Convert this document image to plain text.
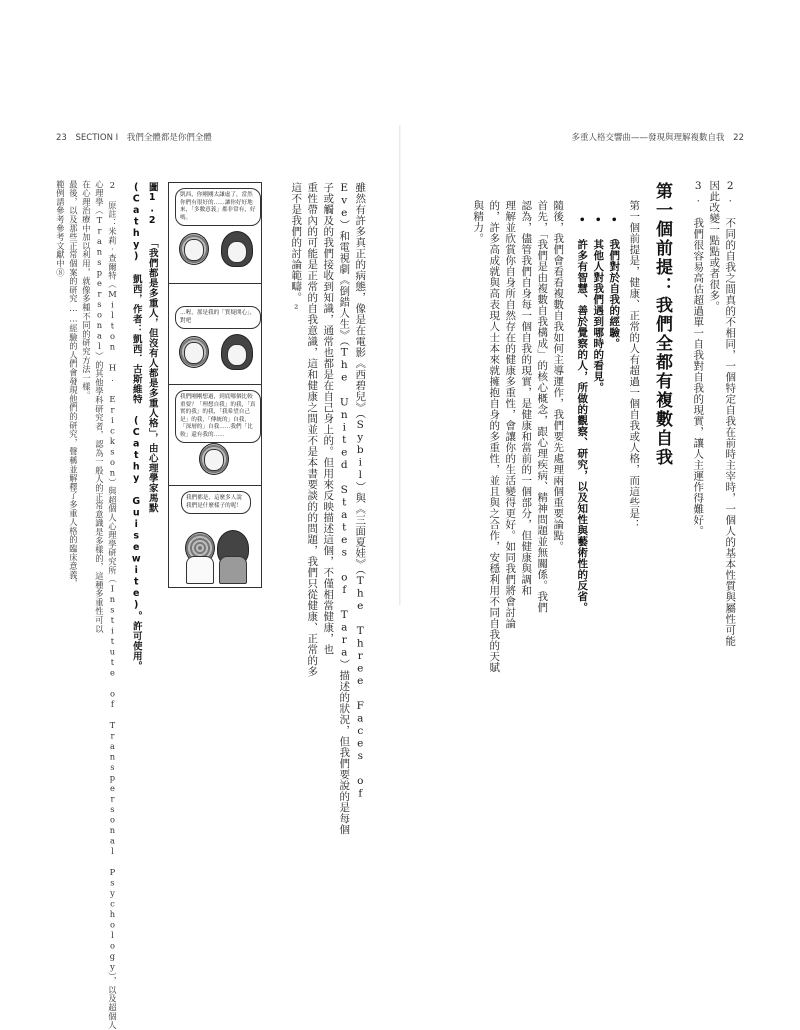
23 SECTION I 我們全體都是你們全體	多重人格交響曲——發現與理解複數自我 22
2. 不同的自我之間真的不相同，一個特定自我在前時主宰時，一個人的基本性質與屬性可能
因此改變一點點或者很多。
3. 我們很容易高估超過單一自我對自我的現實，讓人主運作得難好。
第一個前提：我們全都有複數自我
第一個前提是，健康、正常的人有超過一個自我或人格，而這些是：
• 我們對於自我的經驗。
• 其他人對我們遇到哪時的看見。
• 許多有智慧、善於覺察的人，所做的觀察、研究，以及知性與藝術性的反省。
隨後，我們會看看複數自我如何主導運作，我們要先處理兩個重要論點。
首先，「我們是由複數自我構成」的核心概念，跟心理疾病、精神問題並無關係。我們
認為，儘管我們自身每一個自我的現實，是健康和當前的一個部分，但健康與調和
理解並欣賞你自身所自然存在的健康多重性，會讓你的生活變得更好。如同我們將會討論
的，許多高成就與高表現人士本來就擁抱自身的多重性，並且與之合作，安穩利用不同自我的天賦
與精力。
雖然有許多真正的病態，像是在電影《西碧兒》（Sybil）與《三面夏娃》（The Three Faces of
Eve）和電視劇《倒錯人生》（The United States of Tara）描述的狀況，但我們要說的是每個
子或觸及的我們接收到知識，通常也都是在自己身上的。但用來反映描述這個，不僅相當健康，也
重性帶內的可能是正常的自我意識，這和健康之間並不是本書要談的的問題，我們只從健康、正常的多
這不是我們的討論範疇。²
圖1.2 「我們都是多重人，但沒有人都是多重人格」，由心理學家馬默
(Cathy) 凱西，作者：凱西．古斯維特 (Cathy Guisewite)。許可使用。	凱西，你剛剛太謙虛了，當然你們有很好的……讓你好好地來，「多數意義」都非常有，好嗎。
…喔，那是我的「質疑開心」，對吧
我們剛剛想過，到底哪個比較重要？「理想自我」的我，「真實的我」的我，「我希望自己是」的我，「傳統的」自我，「深層的」自我……我們「比較」還有我的……
我們都是，這麼多人說我們是什麼樣子的呢！
2 原註：米莉‧查爾特（Milton H. Erickson）與超個人心理學研究所（Institute of Transpersonal Psychology），以及超個人
心理學（Transpersonal）的其他學科研究者，認為一般人的正常意識是多樣的，這種多重性可以
在心理治療中加以利用，就像多種不同的研究方法一樣。
最後，以及那些正常個案的研究……經驗的人們會發現他們的研究，聲稱並解釋了多重人格的臨床意義，
範例請參考參考文獻中⑧
